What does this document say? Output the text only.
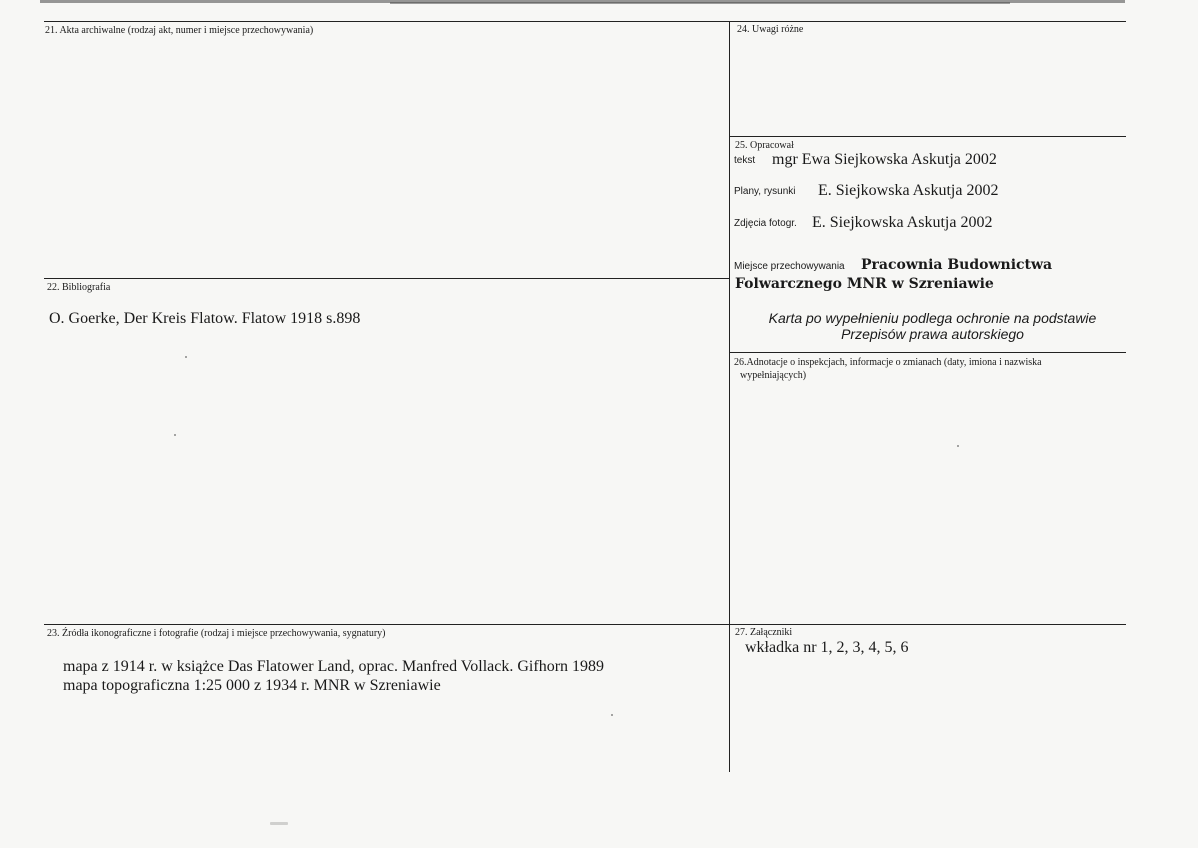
21. Akta archiwalne (rodzaj akt, numer i miejsce przechowywania)
22. Bibliografia
O. Goerke, Der Kreis Flatow. Flatow 1918 s.898
23. Źródła ikonograficzne i fotografie (rodzaj i miejsce przechowywania, sygnatury)
mapa z 1914 r. w książce Das Flatower Land, oprac. Manfred Vollack. Gifhorn 1989
mapa topograficzna 1:25 000 z 1934 r. MNR w Szreniawie
24. Uwagi różne
25. Opracował
tekst mgr Ewa Siejkowska Askutja 2002
Plany, rysunki E. Siejkowska Askutja 2002
Zdjęcia fotogr. E. Siejkowska Askutja 2002
Miejsce przechowywania Pracownia Budownictwa
Folwarcznego MNR w Szreniawie
Karta po wypełnieniu podlega ochronie na podstawie
Przepisów prawa autorskiego
26.Adnotacje o inspekcjach, informacje o zmianach (daty, imiona i nazwiska
wypełniających)
27. Załączniki
wkładka nr 1, 2, 3, 4, 5, 6
